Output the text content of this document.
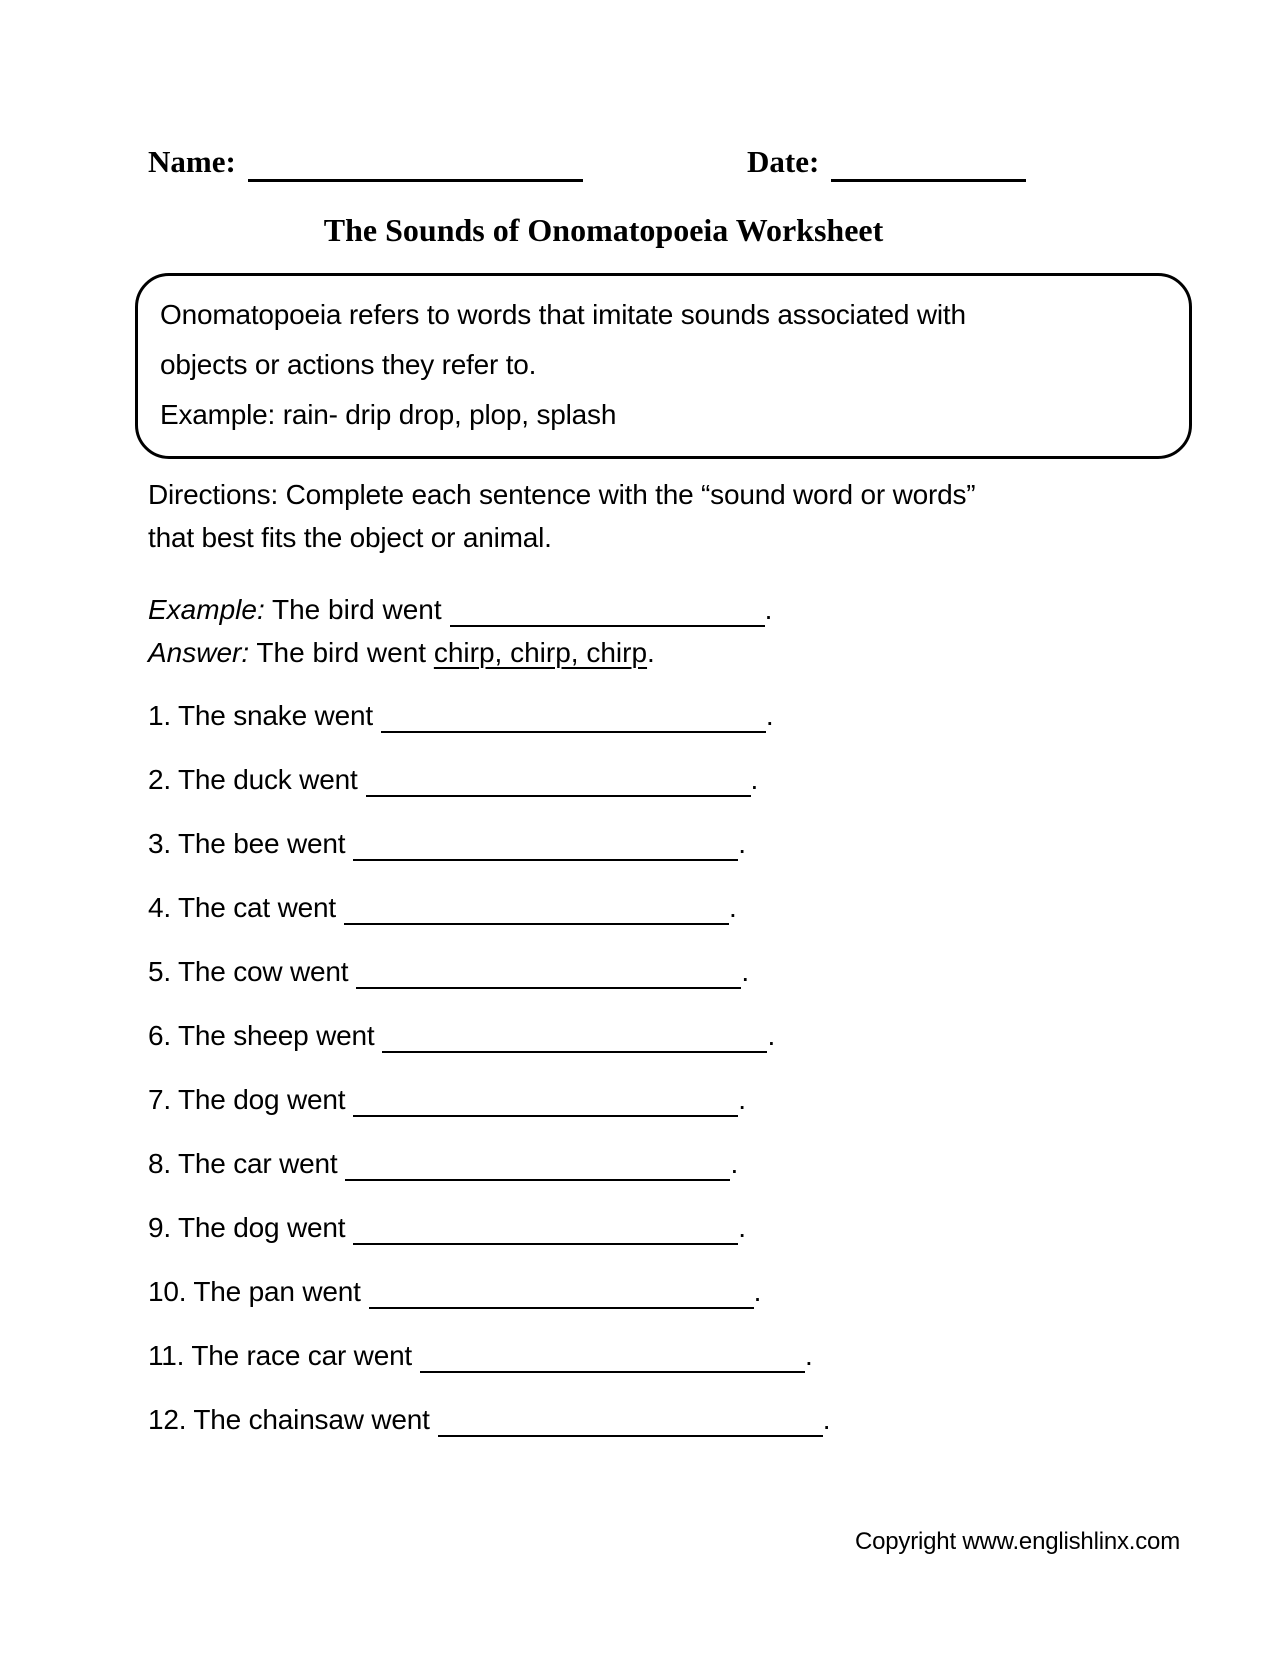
Name:	Date:
The Sounds of Onomatopoeia Worksheet
Onomatopoeia refers to words that imitate sounds associated with
objects or actions they refer to.
Example: rain- drip drop, plop, splash
Directions: Complete each sentence with the “sound word or words”
that best fits the object or animal.
Example: The bird went	.
Answer: The bird went chirp, chirp, chirp.
1. The snake went	.
2. The duck went	.
3. The bee went	.
4. The cat went	.
5. The cow went	.
6. The sheep went	.
7. The dog went	.
8. The car went	.
9. The dog went	.
10. The pan went	.
11. The race car went	.
12. The chainsaw went	.
Copyright www.englishlinx.com
